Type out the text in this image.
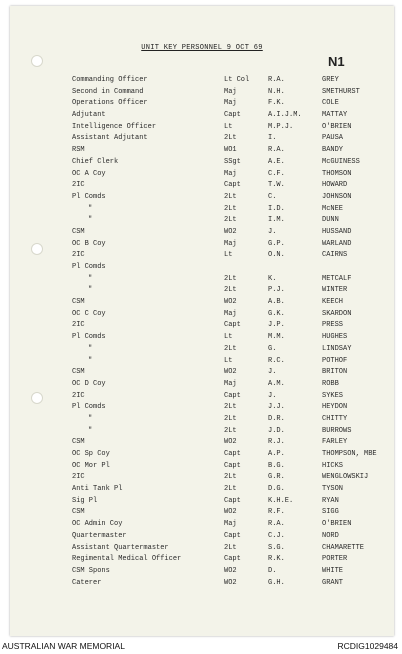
UNIT KEY PERSONNEL 9 OCT 69
N1
Commanding Officer	Lt Col	R.A.	GREY
Second in Command	Maj	N.H.	SMETHURST
Operations Officer	Maj	F.K.	COLE
Adjutant	Capt	A.I.J.M.	MATTAY
Intelligence Officer	Lt	M.P.J.	O'BRIEN
Assistant Adjutant	2Lt	I.	PAUSA
RSM	WO1	R.A.	BANDY
Chief Clerk	SSgt	A.E.	McGUINESS
OC A Coy	Maj	C.F.	THOMSON
2IC	Capt	T.W.	HOWARD
Pl Comds	2Lt	C.	JOHNSON
"	2Lt	I.D.	McNEE
"	2Lt	I.M.	DUNN
CSM	WO2	J.	HUSSAND
OC B Coy	Maj	G.P.	WARLAND
2IC	Lt	O.N.	CAIRNS
Pl Comds
"	2Lt	K.	METCALF
"	2Lt	P.J.	WINTER
CSM	WO2	A.B.	KEECH
OC C Coy	Maj	G.K.	SKARDON
2IC	Capt	J.P.	PRESS
Pl Comds	Lt	M.M.	HUGHES
"	2Lt	G.	LINDSAY
"	Lt	R.C.	POTHOF
CSM	WO2	J.	BRITON
OC D Coy	Maj	A.M.	ROBB
2IC	Capt	J.	SYKES
Pl Comds	2Lt	J.J.	HEYDON
"	2Lt	D.R.	CHITTY
"	2Lt	J.D.	BURROWS
CSM	WO2	R.J.	FARLEY
OC Sp Coy	Capt	A.P.	THOMPSON, MBE
OC Mor Pl	Capt	B.G.	HICKS
2IC	2Lt	G.R.	WENGLOWSKIJ
Anti Tank Pl	2Lt	D.G.	TYSON
Sig Pl	Capt	K.H.E.	RYAN
CSM	WO2	R.F.	SIGG
OC Admin Coy	Maj	R.A.	O'BRIEN
Quartermaster	Capt	C.J.	NORD
Assistant Quartermaster	2Lt	S.G.	CHAMARETTE
Regimental Medical Officer	Capt	R.K.	PORTER
CSM Spons	WO2	D.	WHITE
Caterer	WO2	G.H.	GRANT
AUSTRALIAN WAR MEMORIAL	RCDIG1029484
